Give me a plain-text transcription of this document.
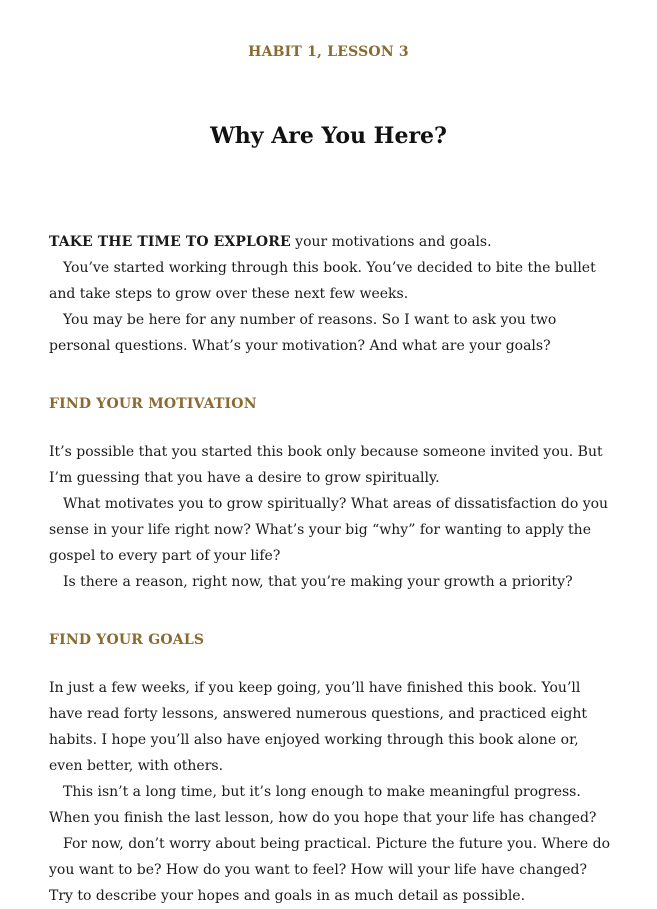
HABIT 1, LESSON 3
Why Are You Here?

TAKE THE TIME TO EXPLORE your motivations and goals.

You’ve started working through this book. You’ve decided to bite the bullet and take steps to grow over these next few weeks.

You may be here for any number of reasons. So I want to ask you two personal questions. What’s your motivation? And what are your goals?

FIND YOUR MOTIVATION

It’s possible that you started this book only because someone invited you. But I’m guessing that you have a desire to grow spiritually.

What motivates you to grow spiritually? What areas of dissatisfaction do you sense in your life right now? What’s your big “why” for wanting to apply the gospel to every part of your life?

Is there a reason, right now, that you’re making your growth a priority?

FIND YOUR GOALS

In just a few weeks, if you keep going, you’ll have finished this book. You’ll have read forty lessons, answered numerous questions, and practiced eight habits. I hope you’ll also have enjoyed working through this book alone or, even better, with others.

This isn’t a long time, but it’s long enough to make meaningful progress. When you finish the last lesson, how do you hope that your life has changed?

For now, don’t worry about being practical. Picture the future you. Where do you want to be? How do you want to feel? How will your life have changed? Try to describe your hopes and goals in as much detail as possible.
